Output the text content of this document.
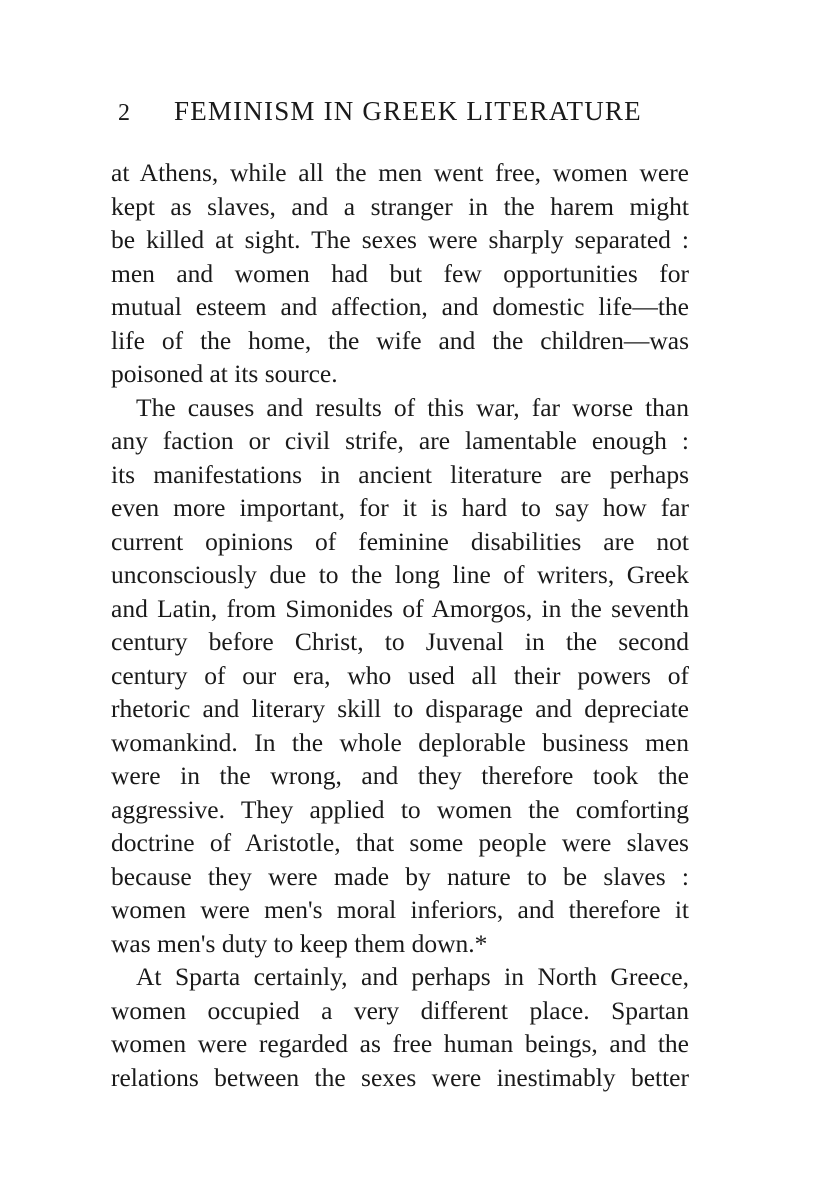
2 FEMINISM IN GREEK LITERATURE
at Athens, while all the men went free, women were
kept as slaves, and a stranger in the harem might
be killed at sight. The sexes were sharply separated :
men and women had but few opportunities for
mutual esteem and affection, and domestic life—the
life of the home, the wife and the children—was
poisoned at its source.
The causes and results of this war, far worse than
any faction or civil strife, are lamentable enough :
its manifestations in ancient literature are perhaps
even more important, for it is hard to say how far
current opinions of feminine disabilities are not
unconsciously due to the long line of writers, Greek
and Latin, from Simonides of Amorgos, in the seventh
century before Christ, to Juvenal in the second
century of our era, who used all their powers of
rhetoric and literary skill to disparage and depreciate
womankind. In the whole deplorable business men
were in the wrong, and they therefore took the
aggressive. They applied to women the comforting
doctrine of Aristotle, that some people were slaves
because they were made by nature to be slaves :
women were men's moral inferiors, and therefore it
was men's duty to keep them down.*
At Sparta certainly, and perhaps in North Greece,
women occupied a very different place. Spartan
women were regarded as free human beings, and the
relations between the sexes were inestimably better
